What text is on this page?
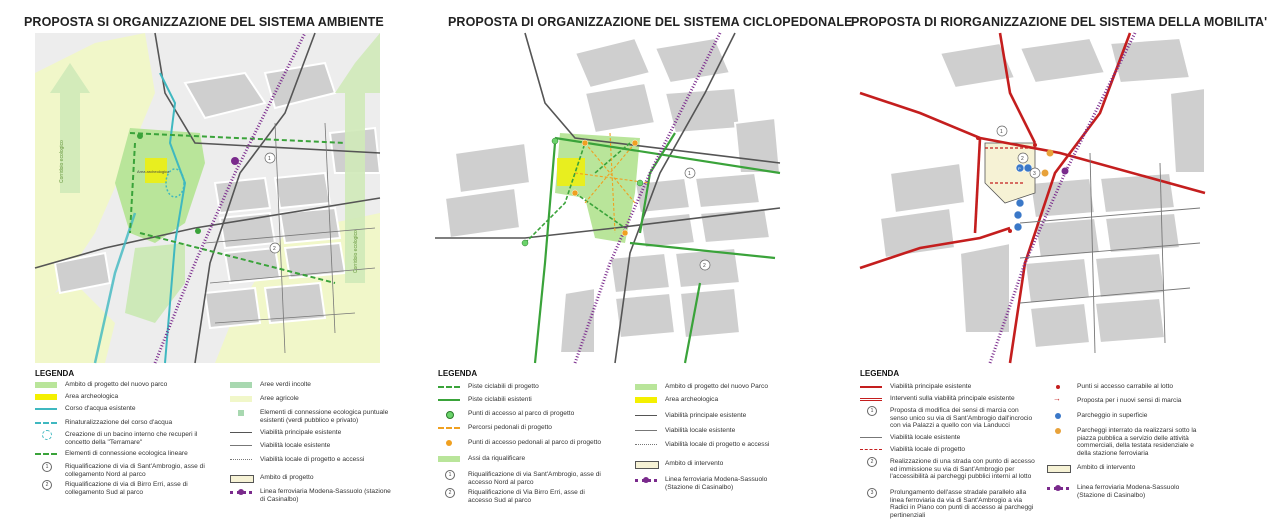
PROPOSTA SI ORGANIZZAZIONE DEL SISTEMA AMBIENTE
Corridoio ecologico
Corridoio ecologico
Area archeologica
1
2
LEGENDA
Ambito di progetto del nuovo parco
Area archeologica
Corso d'acqua esistente
Rinaturalizzazione del corso d'acqua
Creazione di un bacino interno che recuperi il concetto della "Terramare"
Elementi di connessione ecologica lineare
1	Riqualificazione di via di Sant'Ambrogio, asse di collegamento Nord al parco
2	Riqualificazione di via di Birro Erri, asse di collegamento Sud al parco
Aree verdi incolte
Aree agricole
Elementi di connessione ecologica puntuale esistenti (verdi pubblico e privato)
Viabilità principale esistente
Viabilità locale esistente
Viabilità locale di progetto e accessi
Ambito di progetto
Linea ferroviaria Modena-Sassuolo (stazione di Casinalbo)
PROPOSTA DI ORGANIZZAZIONE DEL SISTEMA CICLOPEDONALE
1
2
LEGENDA
Piste ciclabili di progetto
Piste ciclabili esistenti
Punti di accesso al parco di progetto
Percorsi pedonali di progetto
Punti di accesso pedonali al parco di progetto
Assi da riqualificare
1	Riqualificazione di via Sant'Ambrogio, asse di accesso Nord al parco
2	Riqualificazione di Via Birro Erri, asse di accesso Sud al parco
Ambito di progetto del nuovo Parco
Area archeologica
Viabilità principale esistente
Viabilità locale esistente
Viabilità locale di progetto e accessi
Ambito di intervento
Linea ferroviaria Modena-Sassuolo (Stazione di Casinalbo)
PROPOSTA DI RIORGANIZZAZIONE DEL SISTEMA DELLA MOBILITA'
P
1
3
2
LEGENDA
Viabilità principale esistente
Interventi sulla viabilità principale esistente
1	Proposta di modifica dei sensi di marcia con senso unico su via di Sant'Ambrogio dall'incrocio con via Palazzi a quello con via Landucci
Viabilità locale esistente
Viabilità locale di progetto
2	Realizzazione di una strada con punto di accesso ed immissione su via di Sant'Ambrogio per l'accessibilità ai parcheggi pubblici interni al lotto
3	Prolungamento dell'asse stradale parallelo alla linea ferroviaria da via di Sant'Ambrogio a via Radici in Piano con punti di accesso ai parcheggi pertinenziali
Punti si accesso carrabile al lotto
→ Proposta per i nuovi sensi di marcia
Parcheggio in superficie
Parcheggi interrato da realizzarsi sotto la piazza pubblica a servizio delle attività commerciali, della testata residenziale e della stazione ferroviaria
Ambito di intervento
Linea ferroviaria Modena-Sassuolo (Stazione di Casinalbo)
